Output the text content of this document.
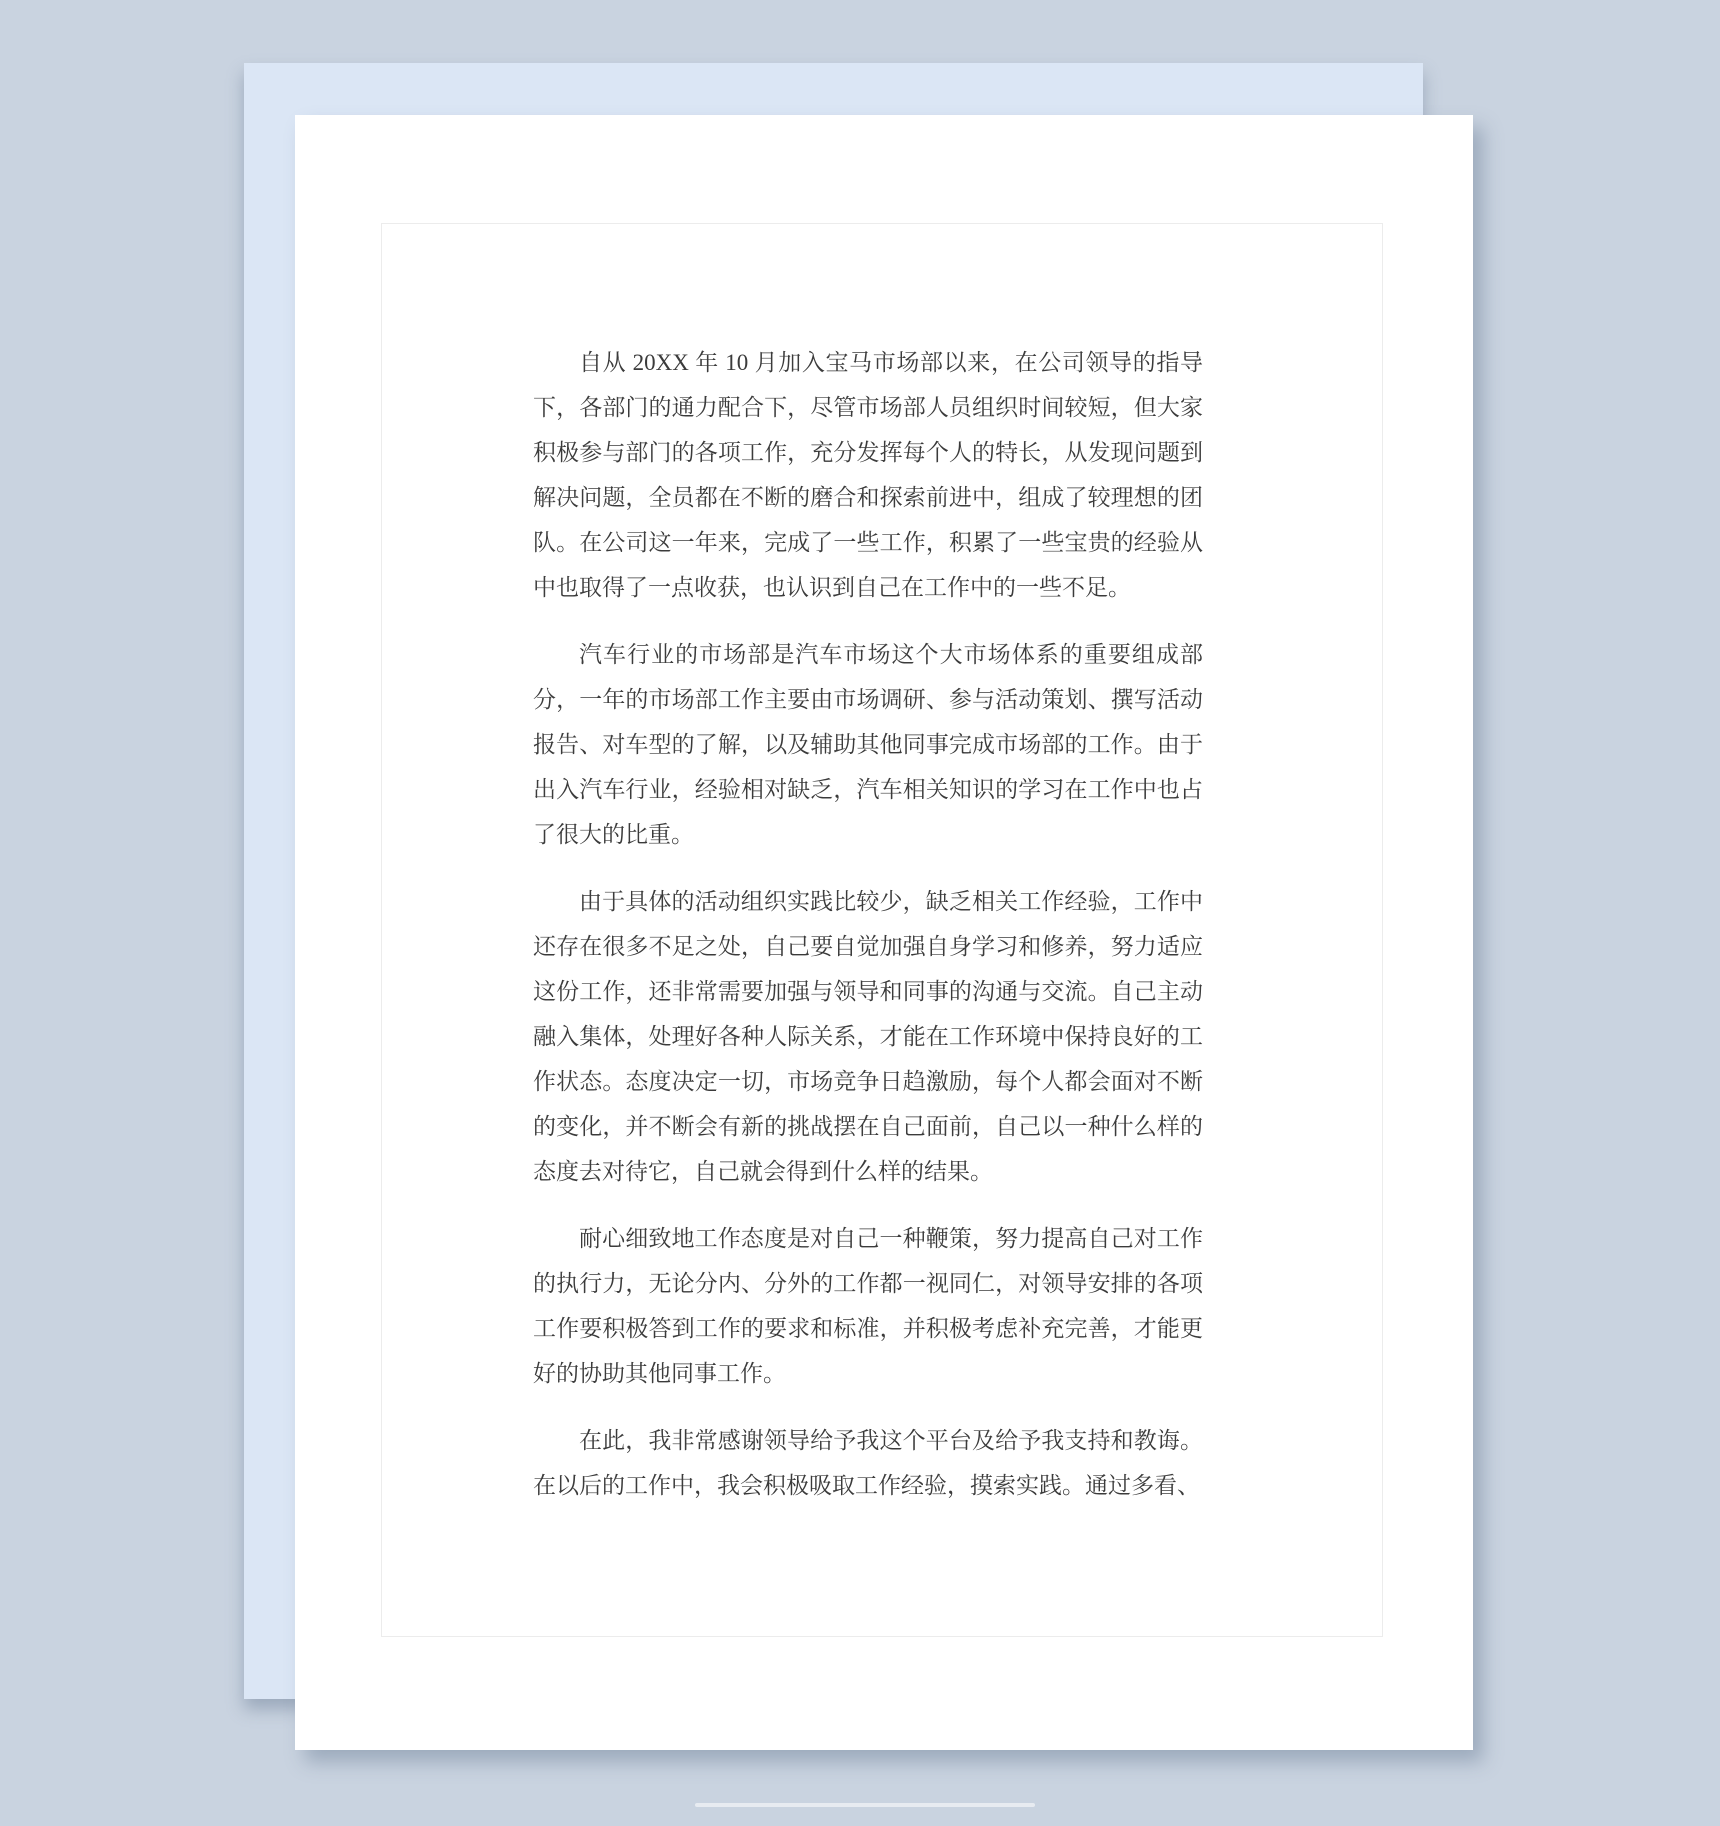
自从 20XX 年 10 月加入宝马市场部以来，在公司领导的指导
下，各部门的通力配合下，尽管市场部人员组织时间较短，但大家
积极参与部门的各项工作，充分发挥每个人的特长，从发现问题到
解决问题，全员都在不断的磨合和探索前进中，组成了较理想的团
队。在公司这一年来，完成了一些工作，积累了一些宝贵的经验从
中也取得了一点收获，也认识到自己在工作中的一些不足。
汽车行业的市场部是汽车市场这个大市场体系的重要组成部
分，一年的市场部工作主要由市场调研、参与活动策划、撰写活动
报告、对车型的了解，以及辅助其他同事完成市场部的工作。由于
出入汽车行业，经验相对缺乏，汽车相关知识的学习在工作中也占
了很大的比重。
由于具体的活动组织实践比较少，缺乏相关工作经验，工作中
还存在很多不足之处，自己要自觉加强自身学习和修养，努力适应
这份工作，还非常需要加强与领导和同事的沟通与交流。自己主动
融入集体，处理好各种人际关系，才能在工作环境中保持良好的工
作状态。态度决定一切，市场竞争日趋激励，每个人都会面对不断
的变化，并不断会有新的挑战摆在自己面前，自己以一种什么样的
态度去对待它，自己就会得到什么样的结果。
耐心细致地工作态度是对自己一种鞭策，努力提高自己对工作
的执行力，无论分内、分外的工作都一视同仁，对领导安排的各项
工作要积极答到工作的要求和标准，并积极考虑补充完善，才能更
好的协助其他同事工作。
在此，我非常感谢领导给予我这个平台及给予我支持和教诲。
在以后的工作中，我会积极吸取工作经验，摸索实践。通过多看、
